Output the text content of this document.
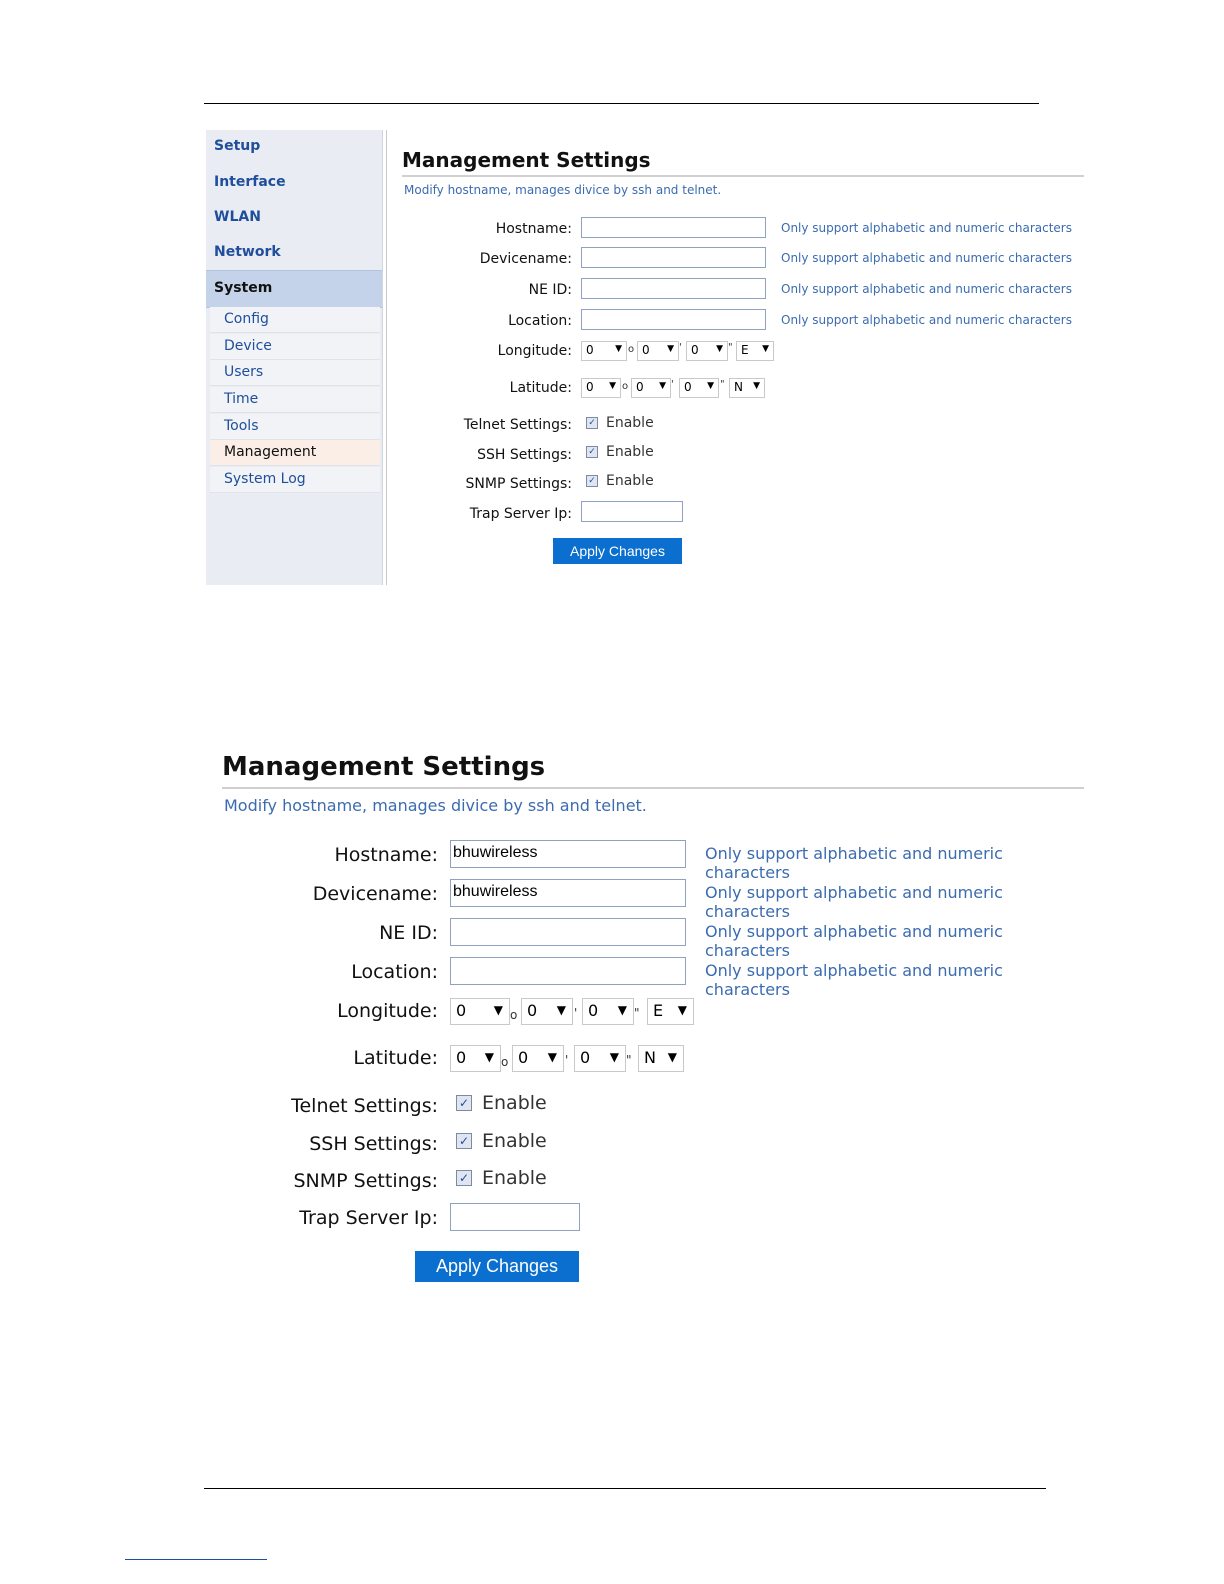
Setup
Interface
WLAN
Network
System
Config
Device
Users
Time
Tools
Management
System Log
Management Settings
Modify hostname, manages divice by ssh and telnet.
Hostname:	Only support alphabetic and numeric characters
Devicename:	Only support alphabetic and numeric characters
NE ID:	Only support alphabetic and numeric characters
Location:	Only support alphabetic and numeric characters
Longitude: 0 ▼ o 0 ▼ ' 0 ▼ " E ▼
Latitude: 0 ▼ o 0 ▼ ' 0 ▼ " N ▼
Telnet Settings: ✓ Enable
SSH Settings: ✓ Enable
SNMP Settings: ✓ Enable
Trap Server Ip:
Apply Changes
Management Settings
Modify hostname, manages divice by ssh and telnet.
Hostname: bhuwireless	Only support alphabetic and numeric characters
Devicename: bhuwireless	Only support alphabetic and numeric characters
NE ID:	Only support alphabetic and numeric characters
Location:	Only support alphabetic and numeric characters
Longitude: 0 ▼ o 0 ▼ ' 0 ▼ " E ▼
Latitude: 0 ▼ o 0 ▼ ' 0 ▼ " N ▼
Telnet Settings: ✓ Enable
SSH Settings: ✓ Enable
SNMP Settings: ✓ Enable
Trap Server Ip:
Apply Changes
